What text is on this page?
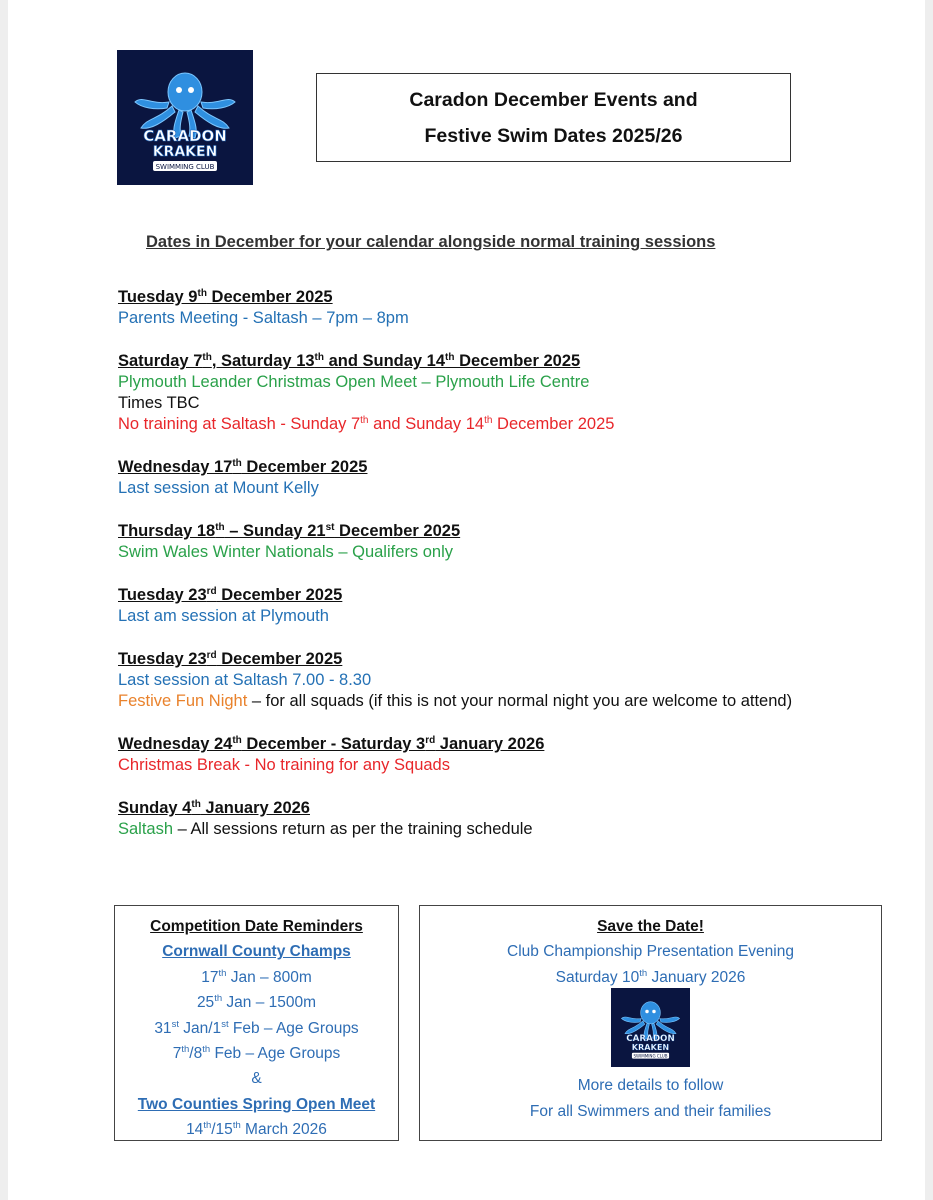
CARADON
KRAKEN
SWIMMING CLUB
Caradon December Events and
Festive Swim Dates 2025/26
Dates in December for your calendar alongside normal training sessions
Tuesday 9th December 2025
Parents Meeting - Saltash – 7pm – 8pm
Saturday 7th, Saturday 13th and Sunday 14th December 2025
Plymouth Leander Christmas Open Meet – Plymouth Life Centre
Times TBC
No training at Saltash - Sunday 7th and Sunday 14th December 2025
Wednesday 17th December 2025
Last session at Mount Kelly
Thursday 18th – Sunday 21st December 2025
Swim Wales Winter Nationals – Qualifers only
Tuesday 23rd December 2025
Last am session at Plymouth
Tuesday 23rd December 2025
Last session at Saltash 7.00 - 8.30
Festive Fun Night – for all squads (if this is not your normal night you are welcome to attend)
Wednesday 24th December - Saturday 3rd January 2026
Christmas Break - No training for any Squads
Sunday 4th January 2026
Saltash – All sessions return as per the training schedule
Competition Date Reminders
Cornwall County Champs
17th Jan – 800m
25th Jan – 1500m
31st Jan/1st Feb – Age Groups
7th/8th Feb – Age Groups
&
Two Counties Spring Open Meet
14th/15th March 2026
Save the Date!
Club Championship Presentation Evening
Saturday 10th January 2026
More details to follow
For all Swimmers and their families
CARADON
KRAKEN
SWIMMING CLUB
